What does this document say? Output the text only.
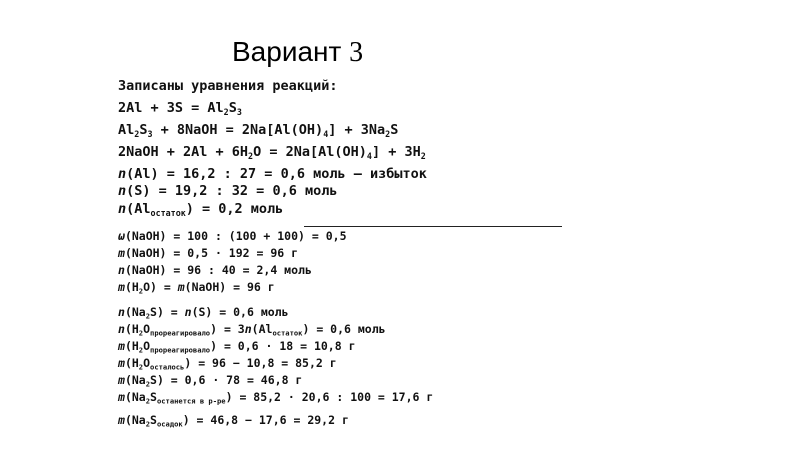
Вариант 3
Записаны уравнения реакций:
$2Al + 3S = Al_2S_3$
$Al_2S_3$ + 8NaOH = $2Na[Al(OH)_4] + 3Na_2S$
2NaOH + $2Al + 6H_2O = 2Na[Al(OH)_4] + 3H_2$
n(Al) = 16,2 : 27 = 0,6 моль — избыток
n(S) = 19,2 : 32 = 0,6 моль
$n(Al_{остаток}) = 0,2$ моль
ω(NaOH) = 100 : (100 + 100) = 0,5
m(NaOH) = 0,5 · 192 = 96 г
n(NaOH) = 96 : 40 = 2,4 моль
$m(H_2O)$ = m(NaOH) = 96 г
$n(Na_2S) = n(S) = 0,6$ моль
$n(H_2O_{прореагировало}) = 3n(Al_{остаток}) = 0,6$ моль
$m(H_2O_{прореагировало}) = 0,6 \cdot 18 = 10,8$ г
$m(H_2O_{осталось}) = 96 - 10,8 = 85,2$ г
$m(Na_2S) = 0,6 \cdot 78 = 46,8$ г
$m(Na_2S_{останется в р-ре}) = 85,2 \cdot 20,6$ : 100 = 17,6 г
$m(Na_2S_{осадок}) = 46,8 - 17,6 = 29,2$ г
